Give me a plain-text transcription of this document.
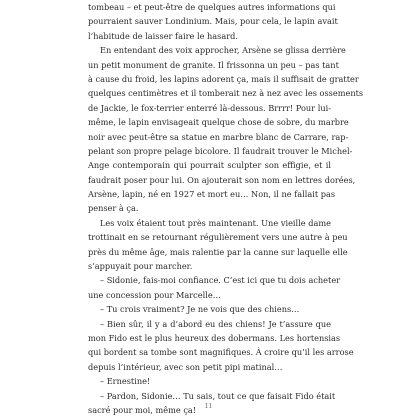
tombeau – et peut-être de quelques autres informations qui
pourraient sauver Londinium. Mais, pour cela, le lapin avait
l’habitude de laisser faire le hasard.
En entendant des voix approcher, Arsène se glissa derrière
un petit monument de granite. Il frissonna un peu – pas tant
à cause du froid, les lapins adorent ça, mais il suffisait de gratter
quelques centimètres et il tomberait nez à nez avec les ossements
de Jackie, le fox-terrier enterré là-dessous. Brrrr! Pour lui-
même, le lapin envisageait quelque chose de sobre, du marbre
noir avec peut-être sa statue en marbre blanc de Carrare, rap-
pelant son propre pelage bicolore. Il faudrait trouver le Michel-
Ange contemporain qui pourrait sculpter son effigie, et il
faudrait poser pour lui. On ajouterait son nom en lettres dorées,
Arsène, lapin, né en 1927 et mort eu… Non, il ne fallait pas
penser à ça.
Les voix étaient tout près maintenant. Une vieille dame
trottinait en se retournant régulièrement vers une autre à peu
près du même âge, mais ralentie par la canne sur laquelle elle
s’appuyait pour marcher.
– Sidonie, fais-moi confiance. C’est ici que tu dois acheter
une concession pour Marcelle…
– Tu crois vraiment? Je ne vois que des chiens…
– Bien sûr, il y a d’abord eu des chiens! Je t’assure que
mon Fido est le plus heureux des dobermans. Les hortensias
qui bordent sa tombe sont magnifiques. À croire qu’il les arrose
depuis l’intérieur, avec son petit pipi matinal…
– Ernestine!
– Pardon, Sidonie… Tu sais, tout ce que faisait Fido était
sacré pour moi, même ça!	11
